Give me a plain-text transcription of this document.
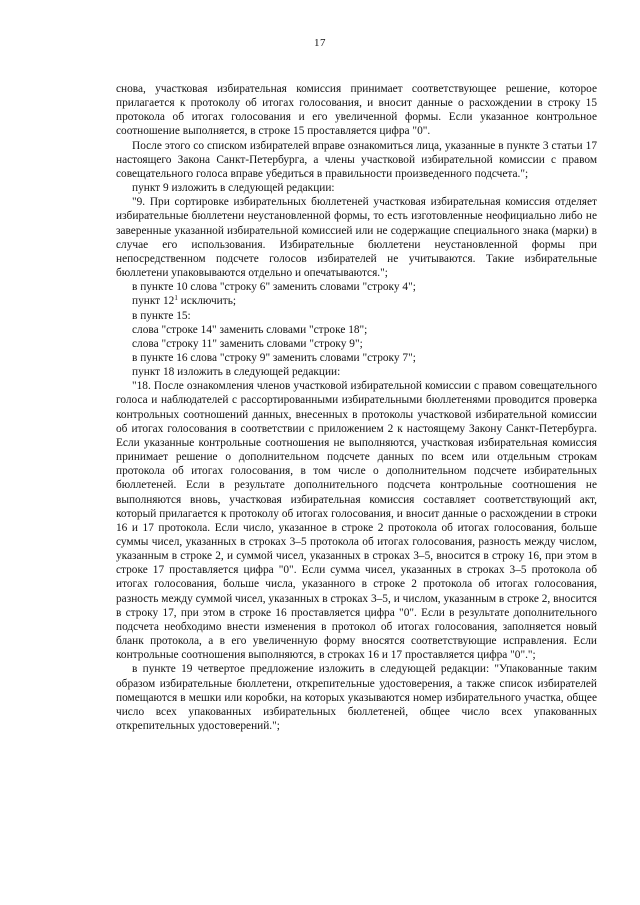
17

снова, участковая избирательная комиссия принимает соответствующее решение, которое прилагается к протоколу об итогах голосования, и вносит данные о расхождении в строку 15 протокола об итогах голосования и его увеличенной формы. Если указанное контрольное соотношение выполняется, в строке 15 проставляется цифра "0".

После этого со списком избирателей вправе ознакомиться лица, указанные в пункте 3 статьи 17 настоящего Закона Санкт-Петербурга, а члены участковой избирательной комиссии с правом совещательного голоса вправе убедиться в правильности произведенного подсчета.";

пункт 9 изложить в следующей редакции:

"9. При сортировке избирательных бюллетеней участковая избирательная комиссия отделяет избирательные бюллетени неустановленной формы, то есть изготовленные неофициально либо не заверенные указанной избирательной комиссией или не содержащие специального знака (марки) в случае его использования. Избирательные бюллетени неустановленной формы при непосредственном подсчете голосов избирателей не учитываются. Такие избирательные бюллетени упаковываются отдельно и опечатываются.";

в пункте 10 слова "строку 6" заменить словами "строку 4";

пункт $12^1$ исключить;

в пункте 15:

слова "строке 14" заменить словами "строке 18";

слова "строку 11" заменить словами "строку 9";

в пункте 16 слова "строку 9" заменить словами "строку 7";

пункт 18 изложить в следующей редакции:

"18. После ознакомления членов участковой избирательной комиссии с правом совещательного голоса и наблюдателей с рассортированными избирательными бюллетенями проводится проверка контрольных соотношений данных, внесенных в протоколы участковой избирательной комиссии об итогах голосования в соответствии с приложением 2 к настоящему Закону Санкт-Петербурга. Если указанные контрольные соотношения не выполняются, участковая избирательная комиссия принимает решение о дополнительном подсчете данных по всем или отдельным строкам протокола об итогах голосования, в том числе о дополнительном подсчете избирательных бюллетеней. Если в результате дополнительного подсчета контрольные соотношения не выполняются вновь, участковая избирательная комиссия составляет соответствующий акт, который прилагается к протоколу об итогах голосования, и вносит данные о расхождении в строки 16 и 17 протокола. Если число, указанное в строке 2 протокола об итогах голосования, больше суммы чисел, указанных в строках 3–5 протокола об итогах голосования, разность между числом, указанным в строке 2, и суммой чисел, указанных в строках 3–5, вносится в строку 16, при этом в строке 17 проставляется цифра "0". Если сумма чисел, указанных в строках 3–5 протокола об итогах голосования, больше числа, указанного в строке 2 протокола об итогах голосования, разность между суммой чисел, указанных в строках 3–5, и числом, указанным в строке 2, вносится в строку 17, при этом в строке 16 проставляется цифра "0". Если в результате дополнительного подсчета необходимо внести изменения в протокол об итогах голосования, заполняется новый бланк протокола, а в его увеличенную форму вносятся соответствующие исправления. Если контрольные соотношения выполняются, в строках 16 и 17 проставляется цифра "0".";

в пункте 19 четвертое предложение изложить в следующей редакции: "Упакованные таким образом избирательные бюллетени, открепительные удостоверения, а также список избирателей помещаются в мешки или коробки, на которых указываются номер избирательного участка, общее число всех упакованных избирательных бюллетеней, общее число всех упакованных открепительных удостоверений.";
